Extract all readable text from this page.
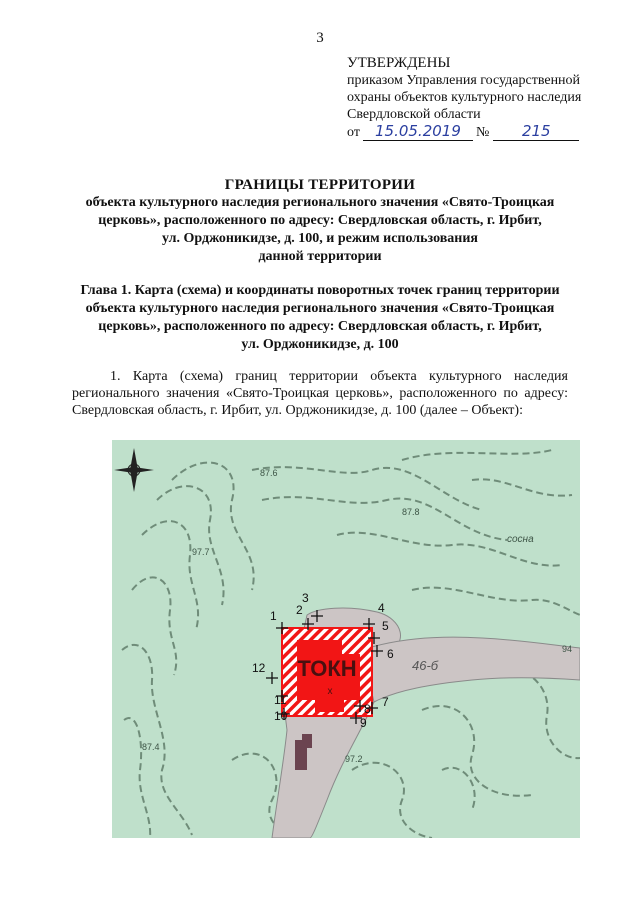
3
УТВЕРЖДЕНЫ
приказом Управления государственной
охраны объектов культурного наследия
Свердловской области
от	15.05.2019	№	215
ГРАНИЦЫ ТЕРРИТОРИИ
объекта культурного наследия регионального значения «Свято-Троицкая
церковь», расположенного по адресу: Свердловская область, г. Ирбит,
ул. Орджоникидзе, д. 100, и режим использования
данной территории
Глава 1. Карта (схема) и координаты поворотных точек границ территории
объекта культурного наследия регионального значения «Свято-Троицкая
церковь», расположенного по адресу: Свердловская область, г. Ирбит,
ул. Орджоникидзе, д. 100
1. Карта (схема) границ территории объекта культурного наследия регионального значения «Свято-Троицкая церковь», расположенного по адресу: Свердловская область, г. Ирбит, ул. Орджоникидзе, д. 100 (далее – Объект):
ТОКН
х
46-б
сосна
87.6
87.8
97.7
87.4
97.2
94
1 2
3
4
5
6
7
8
9
10
11
12
